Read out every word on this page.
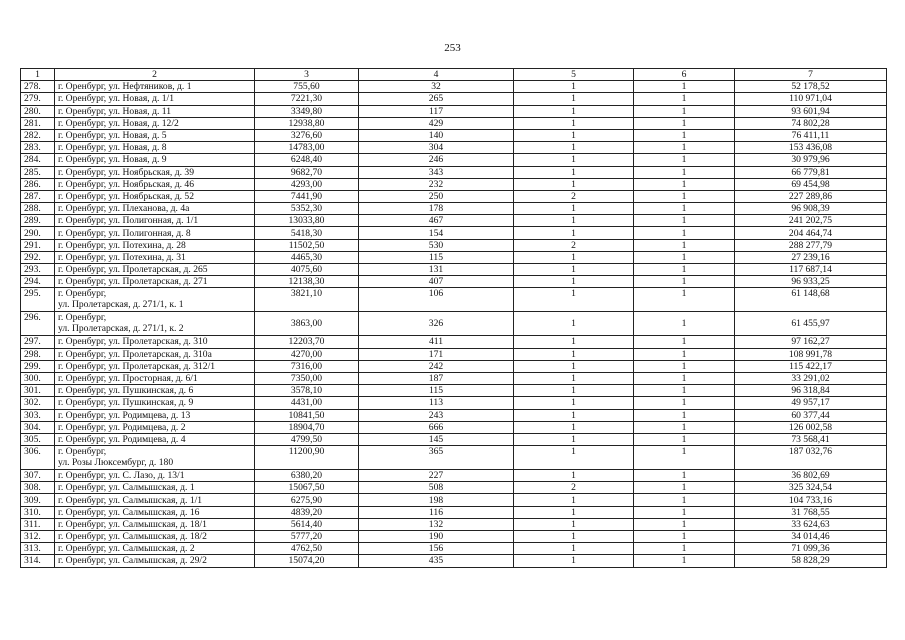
253
1	2	3	4	5	6	7
278.	г. Оренбург, ул. Нефтяников, д. 1	755,60	32	1	1	52 178,52
279.	г. Оренбург, ул. Новая, д. 1/1	7221,30	265	1	1	110 971,04
280.	г. Оренбург, ул. Новая, д. 11	3349,80	117	1	1	93 601,94
281.	г. Оренбург, ул. Новая, д. 12/2	12938,80	429	1	1	74 802,28
282.	г. Оренбург, ул. Новая, д. 5	3276,60	140	1	1	76 411,11
283.	г. Оренбург, ул. Новая, д. 8	14783,00	304	1	1	153 436,08
284.	г. Оренбург, ул. Новая, д. 9	6248,40	246	1	1	30 979,96
285.	г. Оренбург, ул. Ноябрьская, д. 39	9682,70	343	1	1	66 779,81
286.	г. Оренбург, ул. Ноябрьская, д. 46	4293,00	232	1	1	69 454,98
287.	г. Оренбург, ул. Ноябрьская, д. 52	7441,90	250	2	1	227 289,86
288.	г. Оренбург, ул. Плеханова, д. 4а	5352,30	178	1	1	96 908,39
289.	г. Оренбург, ул. Полигонная, д. 1/1	13033,80	467	1	1	241 202,75
290.	г. Оренбург, ул. Полигонная, д. 8	5418,30	154	1	1	204 464,74
291.	г. Оренбург, ул. Потехина, д. 28	11502,50	530	2	1	288 277,79
292.	г. Оренбург, ул. Потехина, д. 31	4465,30	115	1	1	27 239,16
293.	г. Оренбург, ул. Пролетарская, д. 265	4075,60	131	1	1	117 687,14
294.	г. Оренбург, ул. Пролетарская, д. 271	12138,30	407	1	1	96 933,25
295.	г. Оренбург,
ул. Пролетарская, д. 271/1, к. 1	3821,10	106	1	1	61 148,68
296.	г. Оренбург,
ул. Пролетарская, д. 271/1, к. 2	3863,00	326	1	1	61 455,97
297.	г. Оренбург, ул. Пролетарская, д. 310	12203,70	411	1	1	97 162,27
298.	г. Оренбург, ул. Пролетарская, д. 310а	4270,00	171	1	1	108 991,78
299.	г. Оренбург, ул. Пролетарская, д. 312/1	7316,00	242	1	1	115 422,17
300.	г. Оренбург, ул. Просторная, д. 6/1	7350,00	187	1	1	33 291,02
301.	г. Оренбург, ул. Пушкинская, д. 6	3578,10	115	1	1	96 318,84
302.	г. Оренбург, ул. Пушкинская, д. 9	4431,00	113	1	1	49 957,17
303.	г. Оренбург, ул. Родимцева, д. 13	10841,50	243	1	1	60 377,44
304.	г. Оренбург, ул. Родимцева, д. 2	18904,70	666	1	1	126 002,58
305.	г. Оренбург, ул. Родимцева, д. 4	4799,50	145	1	1	73 568,41
306.	г. Оренбург,
ул. Розы Люксембург, д. 180	11200,90	365	1	1	187 032,76
307.	г. Оренбург, ул. С. Лазо, д. 13/1	6380,20	227	1	1	36 802,69
308.	г. Оренбург, ул. Салмышская, д. 1	15067,50	508	2	1	325 324,54
309.	г. Оренбург, ул. Салмышская, д. 1/1	6275,90	198	1	1	104 733,16
310.	г. Оренбург, ул. Салмышская, д. 16	4839,20	116	1	1	31 768,55
311.	г. Оренбург, ул. Салмышская, д. 18/1	5614,40	132	1	1	33 624,63
312.	г. Оренбург, ул. Салмышская, д. 18/2	5777,20	190	1	1	34 014,46
313.	г. Оренбург, ул. Салмышская, д. 2	4762,50	156	1	1	71 099,36
314.	г. Оренбург, ул. Салмышская, д. 29/2	15074,20	435	1	1	58 828,29
